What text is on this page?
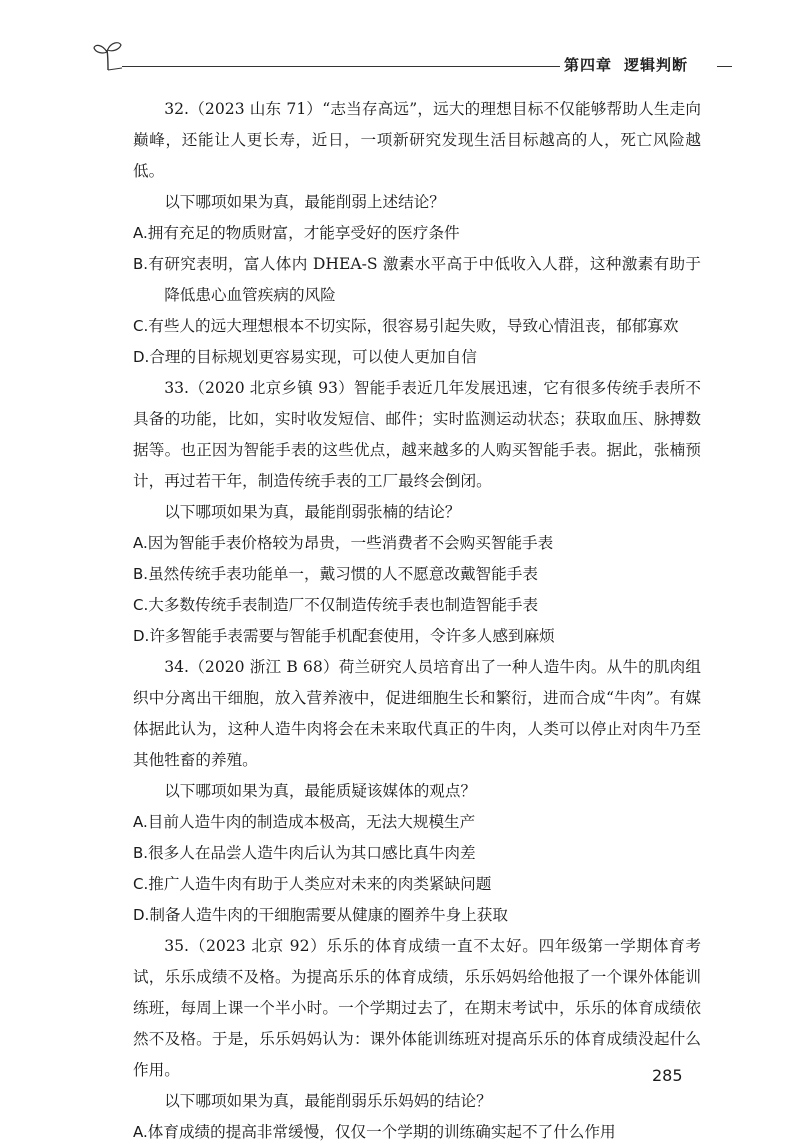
第四章 逻辑判断

32.（2023 山东 71）“志当存高远”，远大的理想目标不仅能够帮助人生走向巅峰，还能让人更长寿，近日，一项新研究发现生活目标越高的人，死亡风险越低。

以下哪项如果为真，最能削弱上述结论？

A.拥有充足的物质财富，才能享受好的医疗条件

B.有研究表明，富人体内 DHEA-S 激素水平高于中低收入人群，这种激素有助于降低患心血管疾病的风险

C.有些人的远大理想根本不切实际，很容易引起失败，导致心情沮丧，郁郁寡欢

D.合理的目标规划更容易实现，可以使人更加自信

33.（2020 北京乡镇 93）智能手表近几年发展迅速，它有很多传统手表所不具备的功能，比如，实时收发短信、邮件；实时监测运动状态；获取血压、脉搏数据等。也正因为智能手表的这些优点，越来越多的人购买智能手表。据此，张楠预计，再过若干年，制造传统手表的工厂最终会倒闭。

以下哪项如果为真，最能削弱张楠的结论？

A.因为智能手表价格较为昂贵，一些消费者不会购买智能手表

B.虽然传统手表功能单一，戴习惯的人不愿意改戴智能手表

C.大多数传统手表制造厂不仅制造传统手表也制造智能手表

D.许多智能手表需要与智能手机配套使用，令许多人感到麻烦

34.（2020 浙江 B 68）荷兰研究人员培育出了一种人造牛肉。从牛的肌肉组织中分离出干细胞，放入营养液中，促进细胞生长和繁衍，进而合成“牛肉”。有媒体据此认为，这种人造牛肉将会在未来取代真正的牛肉，人类可以停止对肉牛乃至其他牲畜的养殖。

以下哪项如果为真，最能质疑该媒体的观点？

A.目前人造牛肉的制造成本极高，无法大规模生产

B.很多人在品尝人造牛肉后认为其口感比真牛肉差

C.推广人造牛肉有助于人类应对未来的肉类紧缺问题

D.制备人造牛肉的干细胞需要从健康的圈养牛身上获取

35.（2023 北京 92）乐乐的体育成绩一直不太好。四年级第一学期体育考试，乐乐成绩不及格。为提高乐乐的体育成绩，乐乐妈妈给他报了一个课外体能训练班，每周上课一个半小时。一个学期过去了，在期末考试中，乐乐的体育成绩依然不及格。于是，乐乐妈妈认为：课外体能训练班对提高乐乐的体育成绩没起什么作用。

以下哪项如果为真，最能削弱乐乐妈妈的结论？

A.体育成绩的提高非常缓慢，仅仅一个学期的训练确实起不了什么作用

285
